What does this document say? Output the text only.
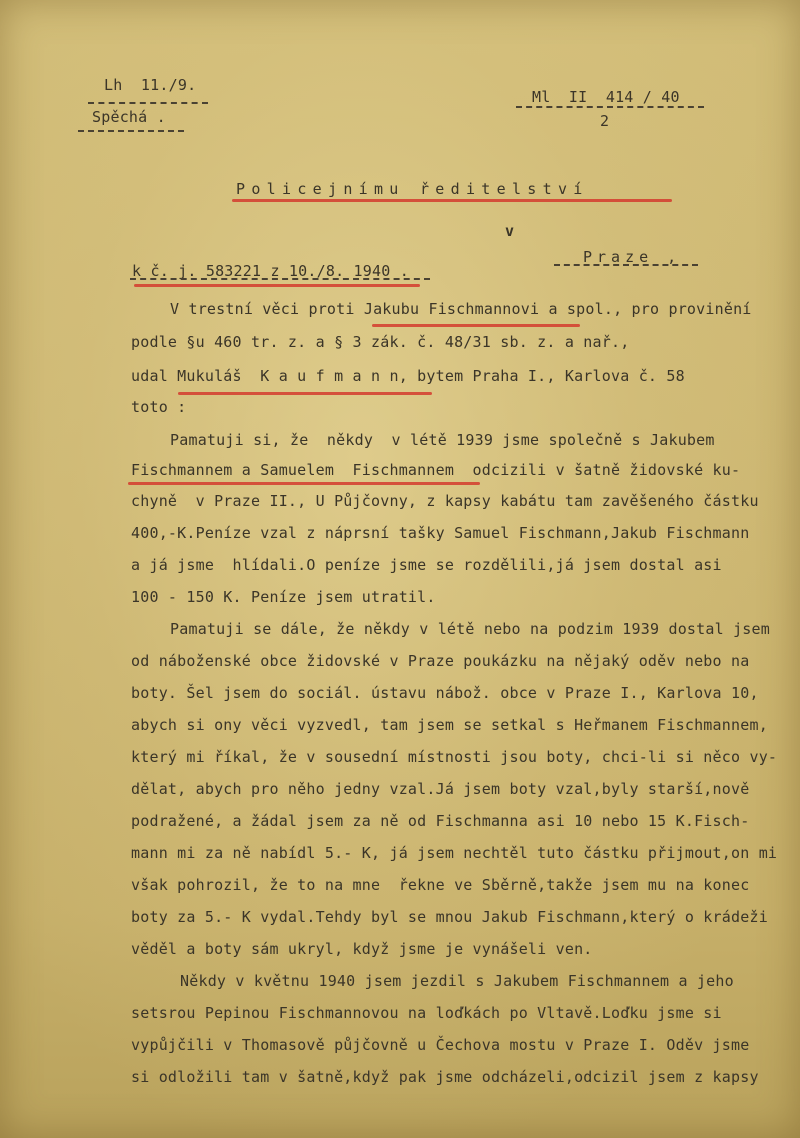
Lh  11./9.
Spěchá .
Ml  II  414 / 40
2
Policejnímu ředitelství
v
Praze ,
k č. j. 583221 z 10./8. 1940 .
V trestní věci proti Jakubu Fischmannovi a spol., pro provinění
podle §u 460 tr. z. a § 3 zák. č. 48/31 sb. z. a nař.,
udal Mukuláš  K a u f m a n n, bytem Praha I., Karlova č. 58
toto :
Pamatuji si, že  někdy  v létě 1939 jsme společně s Jakubem
Fischmannem a Samuelem  Fischmannem  odcizili v šatně židovské ku-
chyně  v Praze II., U Půjčovny, z kapsy kabátu tam zavěšeného částku
400,-K.Peníze vzal z náprsní tašky Samuel Fischmann,Jakub Fischmann
a já jsme  hlídali.O peníze jsme se rozdělili,já jsem dostal asi
100 - 150 K. Peníze jsem utratil.
Pamatuji se dále, že někdy v létě nebo na podzim 1939 dostal jsem
od náboženské obce židovské v Praze poukázku na nějaký oděv nebo na
boty. Šel jsem do sociál. ústavu nábož. obce v Praze I., Karlova 10,
abych si ony věci vyzvedl, tam jsem se setkal s Heřmanem Fischmannem,
který mi říkal, že v sousední místnosti jsou boty, chci-li si něco vy-
dělat, abych pro něho jedny vzal.Já jsem boty vzal,byly starší,nově
podražené, a žádal jsem za ně od Fischmanna asi 10 nebo 15 K.Fisch-
mann mi za ně nabídl 5.- K, já jsem nechtěl tuto částku přijmout,on mi
však pohrozil, že to na mne  řekne ve Sběrně,takže jsem mu na konec
boty za 5.- K vydal.Tehdy byl se mnou Jakub Fischmann,který o krádeži
věděl a boty sám ukryl, když jsme je vynášeli ven.
Někdy v květnu 1940 jsem jezdil s Jakubem Fischmannem a jeho
setsrou Pepinou Fischmannovou na loďkách po Vltavě.Loďku jsme si
vypůjčili v Thomasově půjčovně u Čechova mostu v Praze I. Oděv jsme
si odložili tam v šatně,když pak jsme odcházeli,odcizil jsem z kapsy
